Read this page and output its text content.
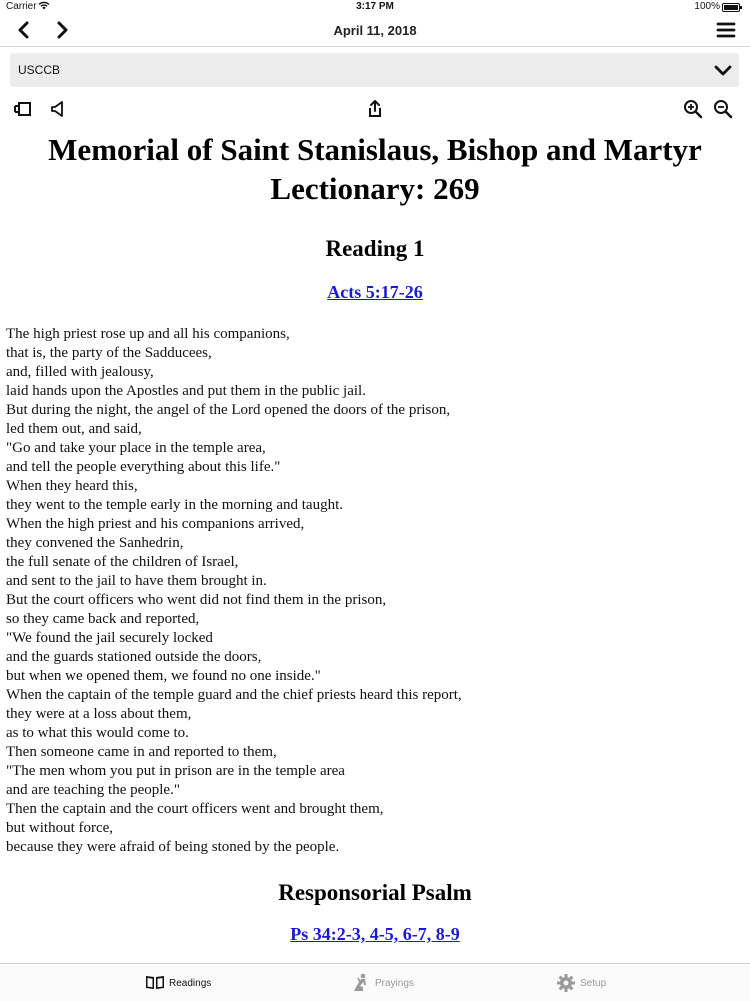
Carrier	3:17 PM	100%
April 11, 2018
USCCB
Memorial of Saint Stanislaus, Bishop and Martyr
Lectionary: 269
Reading 1
Acts 5:17-26
The high priest rose up and all his companions,
that is, the party of the Sadducees,
and, filled with jealousy,
laid hands upon the Apostles and put them in the public jail.
But during the night, the angel of the Lord opened the doors of the prison,
led them out, and said,
"Go and take your place in the temple area,
and tell the people everything about this life."
When they heard this,
they went to the temple early in the morning and taught.
When the high priest and his companions arrived,
they convened the Sanhedrin,
the full senate of the children of Israel,
and sent to the jail to have them brought in.
But the court officers who went did not find them in the prison,
so they came back and reported,
"We found the jail securely locked
and the guards stationed outside the doors,
but when we opened them, we found no one inside."
When the captain of the temple guard and the chief priests heard this report,
they were at a loss about them,
as to what this would come to.
Then someone came in and reported to them,
"The men whom you put in prison are in the temple area
and are teaching the people."
Then the captain and the court officers went and brought them,
but without force,
because they were afraid of being stoned by the people.
Responsorial Psalm
Ps 34:2-3, 4-5, 6-7, 8-9
Readings	Prayings	Setup
